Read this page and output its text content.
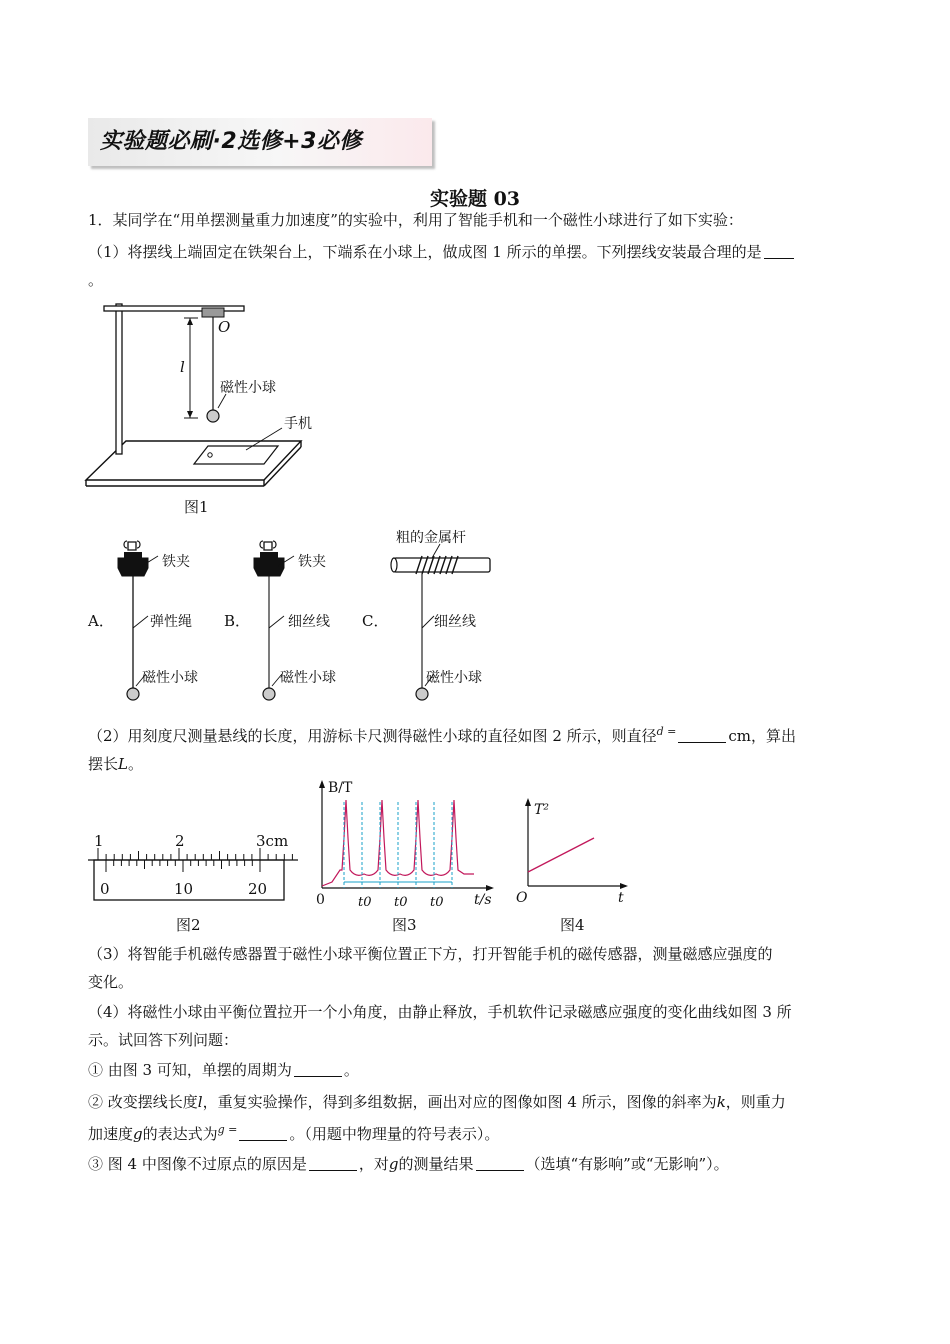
实验题必刷·2选修+3必修
实验题 03
1．某同学在“用单摆测量重力加速度”的实验中，利用了智能手机和一个磁性小球进行了如下实验：
（1）将摆线上端固定在铁架台上，下端系在小球上，做成图 1 所示的单摆。下列摆线安装最合理的是
。
l
O
手机
磁性小球
图1
A．
铁夹
弹性绳
磁性小球
B．
铁夹
细丝线
磁性小球
C．
粗的金属杆
细丝线
磁性小球
（2）用刻度尺测量悬线的长度，用游标卡尺测得磁性小球的直径如图 2 所示，则直径$^{d =}$	cm，算出
摆长L。
1	2	3cm
0	10	20
图2
B/T
t/s
0	t0 t0 t0
图3
T²
t
O
图4
（3）将智能手机磁传感器置于磁性小球平衡位置正下方，打开智能手机的磁传感器，测量磁感应强度的
变化。
（4）将磁性小球由平衡位置拉开一个小角度，由静止释放，手机软件记录磁感应强度的变化曲线如图 3 所
示。试回答下列问题：
① 由图 3 可知，单摆的周期为	。
② 改变摆线长度l，重复实验操作，得到多组数据，画出对应的图像如图 4 所示，图像的斜率为k，则重力
加速度g的表达式为$^{g =}$	。（用题中物理量的符号表示）。
③ 图 4 中图像不过原点的原因是	，对g的测量结果	（选填“有影响”或“无影响”）。
